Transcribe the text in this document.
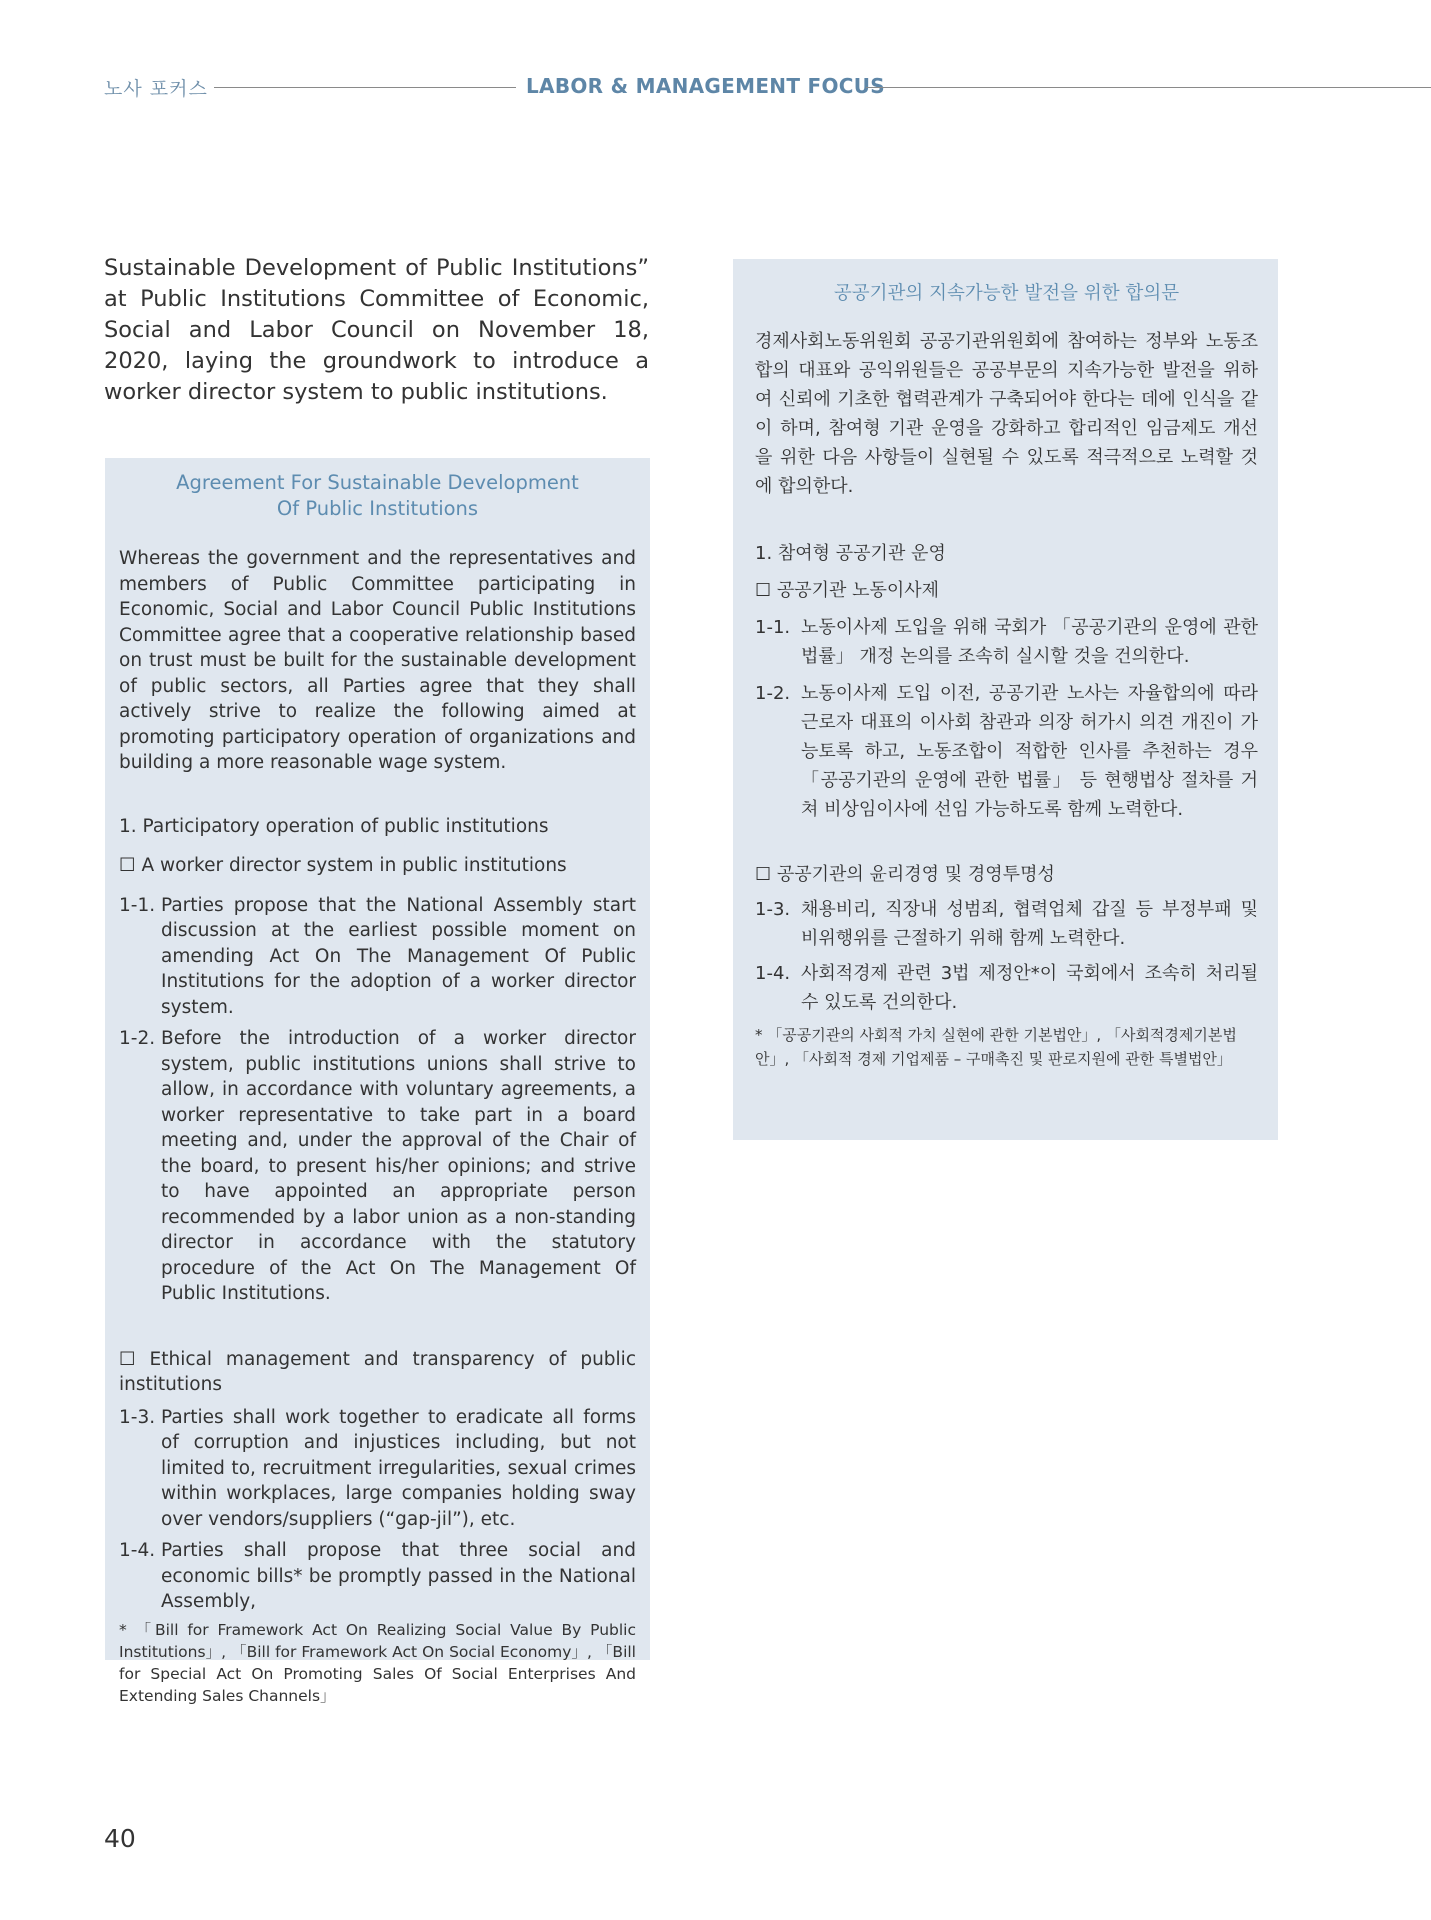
노사 포커스	LABOR & MANAGEMENT FOCUS
Sustainable Development of Public Institutions” at Public Institutions Committee of Economic, Social and Labor Council on November 18, 2020, laying the groundwork to introduce a worker director system to public institutions.
Agreement For Sustainable Development
Of Public Institutions
Whereas the government and the representatives and members of Public Committee participating in Economic, Social and Labor Council Public Institutions Committee agree that a cooperative relationship based on trust must be built for the sustainable development of public sectors, all Parties agree that they shall actively strive to realize the following aimed at promoting participatory operation of organizations and building a more reasonable wage system.
1. Participatory operation of public institutions
☐ A worker director system in public institutions
1-1. Parties propose that the National Assembly start discussion at the earliest possible moment on amending Act On The Management Of Public Institutions for the adoption of a worker director system.
1-2. Before the introduction of a worker director system, public institutions unions shall strive to allow, in accordance with voluntary agreements, a worker representative to take part in a board meeting and, under the approval of the Chair of the board, to present his/her opinions; and strive to have appointed an appropriate person recommended by a labor union as a non-standing director in accordance with the statutory procedure of the Act On The Management Of Public Institutions.
☐ Ethical management and transparency of public institutions
1-3. Parties shall work together to eradicate all forms of corruption and injustices including, but not limited to, recruitment irregularities, sexual crimes within workplaces, large companies holding sway over vendors/suppliers (“gap-jil”), etc.
1-4. Parties shall propose that three social and economic bills* be promptly passed in the National Assembly,
* 「Bill for Framework Act On Realizing Social Value By Public Institutions」, 「Bill for Framework Act On Social Economy」, 「Bill for Special Act On Promoting Sales Of Social Enterprises And Extending Sales Channels」
공공기관의 지속가능한 발전을 위한 합의문
경제사회노동위원회 공공기관위원회에 참여하는 정부와 노동조합의 대표와 공익위원들은 공공부문의 지속가능한 발전을 위하여 신뢰에 기초한 협력관계가 구축되어야 한다는 데에 인식을 같이 하며, 참여형 기관 운영을 강화하고 합리적인 임금제도 개선을 위한 다음 사항들이 실현될 수 있도록 적극적으로 노력할 것에 합의한다.
1. 참여형 공공기관 운영
☐ 공공기관 노동이사제
1-1. 노동이사제 도입을 위해 국회가 「공공기관의 운영에 관한 법률」 개정 논의를 조속히 실시할 것을 건의한다.
1-2. 노동이사제 도입 이전, 공공기관 노사는 자율합의에 따라 근로자 대표의 이사회 참관과 의장 허가시 의견 개진이 가능토록 하고, 노동조합이 적합한 인사를 추천하는 경우「공공기관의 운영에 관한 법률」 등 현행법상 절차를 거쳐 비상임이사에 선임 가능하도록 함께 노력한다.
☐ 공공기관의 윤리경영 및 경영투명성
1-3. 채용비리, 직장내 성범죄, 협력업체 갑질 등 부정부패 및 비위행위를 근절하기 위해 함께 노력한다.
1-4. 사회적경제 관련 3법 제정안*이 국회에서 조속히 처리될 수 있도록 건의한다.
* 「공공기관의 사회적 가치 실현에 관한 기본법안」, 「사회적경제기본법안」, 「사회적 경제 기업제품 – 구매촉진 및 판로지원에 관한 특별법안」
40
